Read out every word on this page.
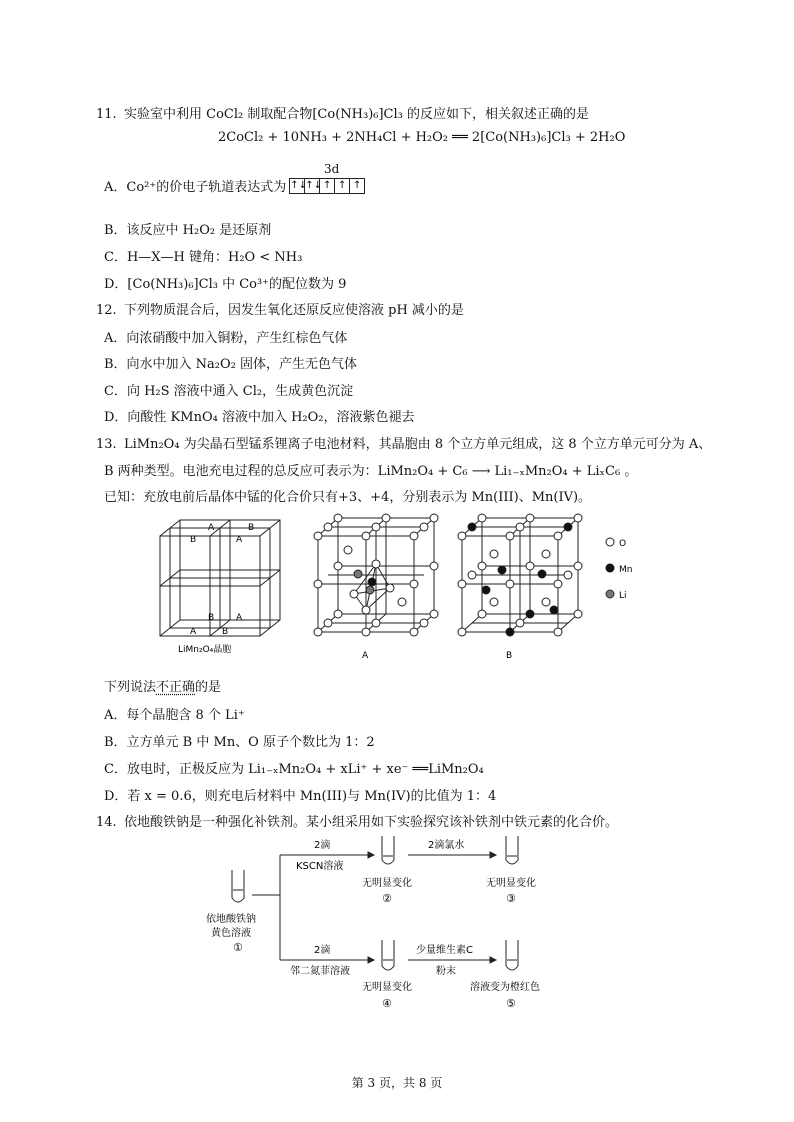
11. 实验室中利用 CoCl₂ 制取配合物[Co(NH₃)₆]Cl₃ 的反应如下，相关叙述正确的是
2CoCl₂ + 10NH₃ + 2NH₄Cl + H₂O₂ ══ 2[Co(NH₃)₆]Cl₃ + 2H₂O
3d
A．Co²⁺的价电子轨道表达式为 ↑↓
↑↓ ↑ ↑ ↑
B．该反应中 H₂O₂ 是还原剂
C．H—X—H 键角：H₂O < NH₃
D．[Co(NH₃)₆]Cl₃ 中 Co³⁺的配位数为 9
12. 下列物质混合后，因发生氧化还原反应使溶液 pH 减小的是
A．向浓硝酸中加入铜粉，产生红棕色气体
B．向水中加入 Na₂O₂ 固体，产生无色气体
C．向 H₂S 溶液中通入 Cl₂，生成黄色沉淀
D．向酸性 KMnO₄ 溶液中加入 H₂O₂，溶液紫色褪去
13. LiMn₂O₄ 为尖晶石型锰系锂离子电池材料，其晶胞由 8 个立方单元组成，这 8 个立方单元可分为 A、
B 两种类型。电池充电过程的总反应可表示为：LiMn₂O₄ + C₆ ⟶ Li₁₋ₓMn₂O₄ + LiₓC₆ 。
已知：充放电前后晶体中锰的化合价只有+3、+4，分别表示为 Mn(III)、Mn(IV)。
A	B
B	A
B A
A	B
LiMn₂O₄晶胞
A	B
O
Mn
Li
下列说法不正确的是
A．每个晶胞含 8 个 Li⁺
B．立方单元 B 中 Mn、O 原子个数比为 1：2
C．放电时，正极反应为 Li₁₋ₓMn₂O₄ + xLi⁺ + xe⁻ ══LiMn₂O₄
D．若 x = 0.6，则充电后材料中 Mn(III)与 Mn(IV)的比值为 1：4
14. 依地酸铁钠是一种强化补铁剂。某小组采用如下实验探究该补铁剂中铁元素的化合价。
依地酸铁钠
黄色溶液
①
2滴
KSCN溶液
无明显变化
②
2滴氯水
无明显变化
③
2滴
邻二氮菲溶液
无明显变化
④
少量维生素C
粉末
溶液变为橙红色
⑤
第 3 页，共 8 页
